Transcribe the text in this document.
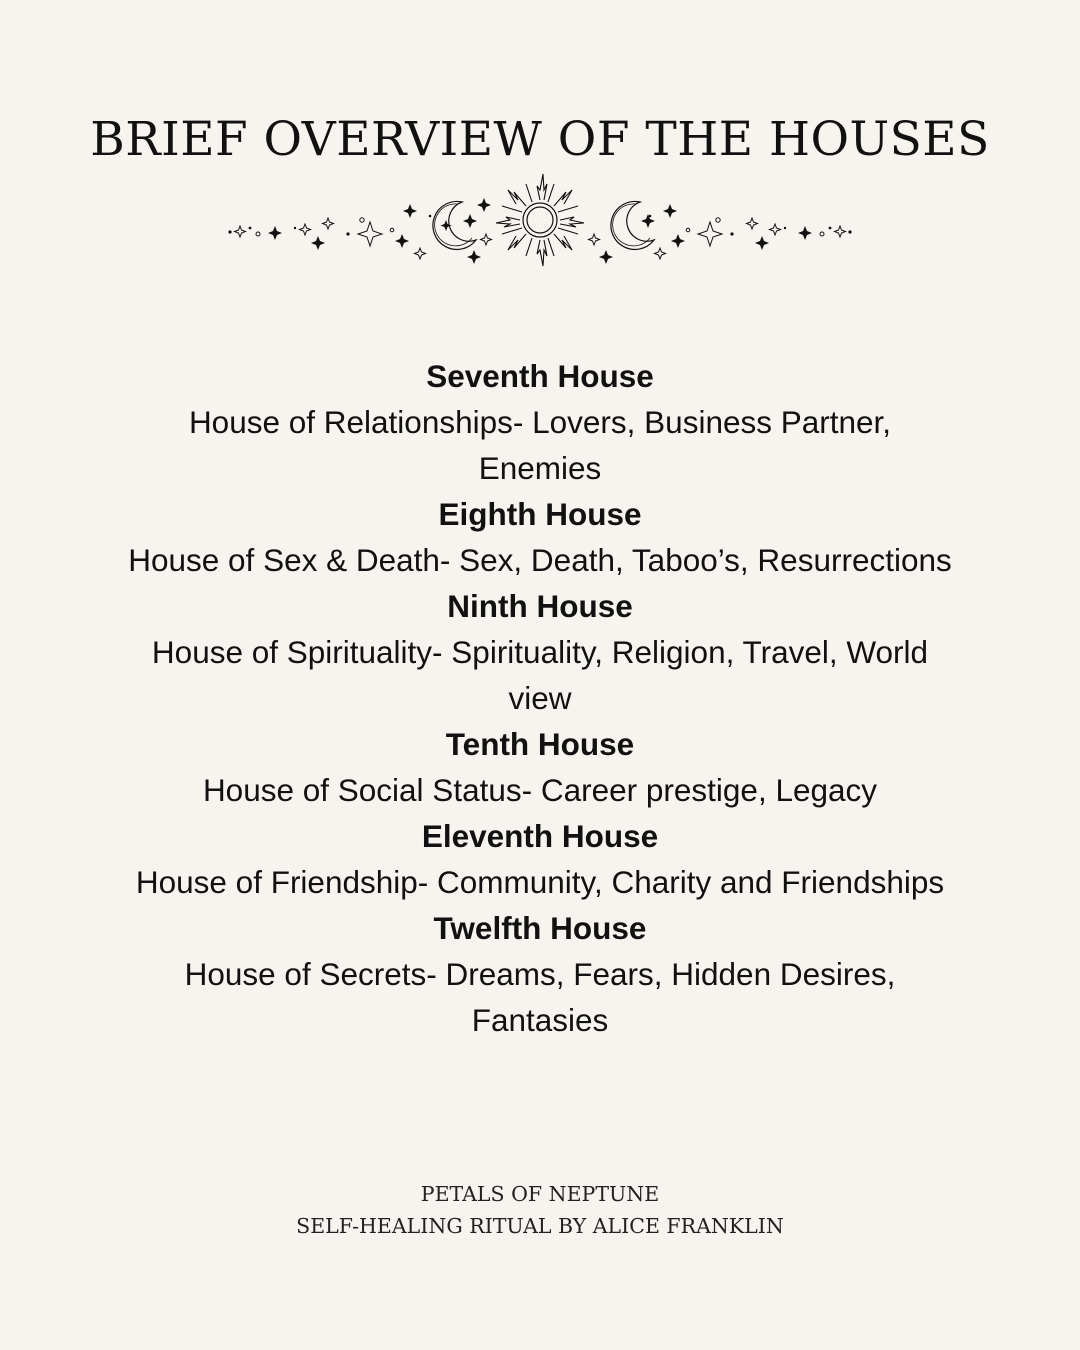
BRIEF OVERVIEW OF THE HOUSES
Seventh House
House of Relationships- Lovers, Business Partner, Enemies
Eighth House
House of Sex & Death- Sex, Death, Taboo’s, Resurrections
Ninth House
House of Spirituality- Spirituality, Religion, Travel, World view
Tenth House
House of Social Status- Career prestige, Legacy
Eleventh House
House of Friendship- Community, Charity and Friendships
Twelfth House
House of Secrets- Dreams, Fears, Hidden Desires, Fantasies
PETALS OF NEPTUNE
SELF-HEALING RITUAL BY ALICE FRANKLIN
